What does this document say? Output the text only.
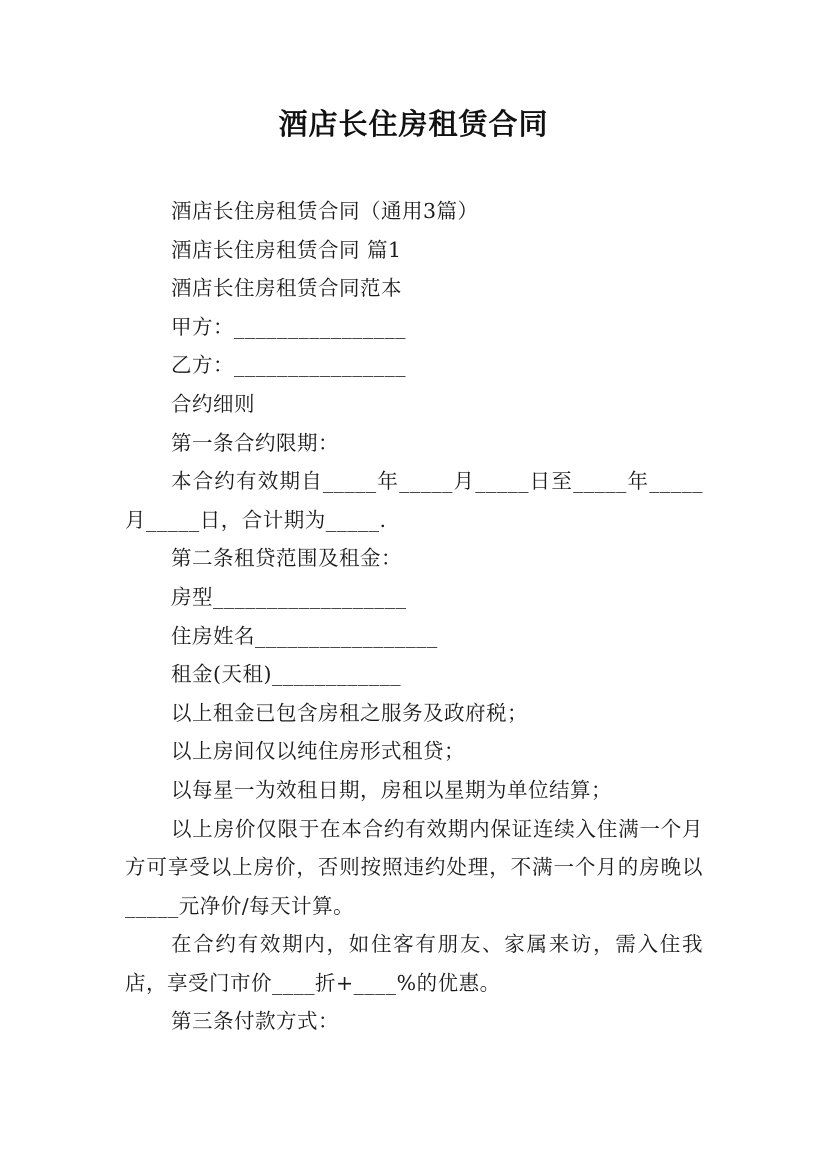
酒店长住房租赁合同

酒店长住房租赁合同（通用3篇）

酒店长住房租赁合同 篇1

酒店长住房租赁合同范本

甲方：________________

乙方：________________

合约细则

第一条合约限期：

本合约有效期自_____年_____月_____日至_____年_____月_____日，合计期为_____.

第二条租贷范围及租金：

房型__________________

住房姓名_________________

租金(天租)____________

以上租金已包含房租之服务及政府税；

以上房间仅以纯住房形式租贷；

以每星一为效租日期，房租以星期为单位结算；

以上房价仅限于在本合约有效期内保证连续入住满一个月方可享受以上房价，否则按照违约处理，不满一个月的房晚以_____元净价/每天计算。

在合约有效期内，如住客有朋友、家属来访，需入住我店，享受门市价____折+____%的优惠。

第三条付款方式：
